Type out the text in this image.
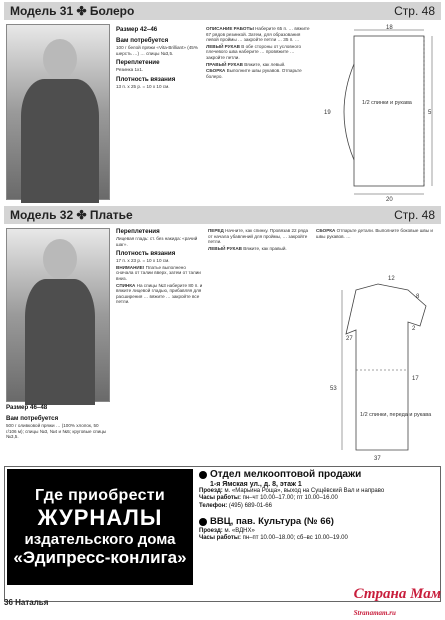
Модель 31 ✤ Болеро	Стр. 48
Размер 42–46
Вам потребуется

100 г белой пряжи «Vita-Brilliant» (45% шерсть …) … спицы №3,5.

Переплетение

Резинка 1x1.

Плотность вязания

13 п. x 25 р. = 10 x 10 см.

ОПИСАНИЕ РАБОТЫ Наберите 65 п. … вяжите 67 рядов резинкой. Затем, для образования левой проймы … закройте петли … 35 п. …

ЛЕВЫЙ РУКАВ В обе стороны от условного плечевого шва наберите … провяжите … закройте петли.

ПРАВЫЙ РУКАВ Вяжите, как левый.

СБОРКА Выполните швы рукавов. Отпарьте болеро.

18
1/2 спинки и рукава
20
19	5
Модель 32 ✤ Платье	Стр. 48
Размер 46–48
Вам потребуется

500 г оливковой пряжи … (100% хлопок, 50 г/106 м); спицы №3, №4 и №5; круговые спицы №3,5.

Переплетения

Лицевая гладь: ст. без накида: «рачий шаг».

Плотность вязания

17 п. x 23 р. = 10 x 10 см.

ВНИМАНИЕ! Платье выполнено сначала от талии вверх, затем от талии вниз.

СПИНКА На спицы №3 наберите 80 п. и вяжите лицевой гладью, прибавляя для расширения … вяжите … закройте все петли.

ПЕРЕД Начните, как спинку. Провязав 22 ряда от начала убавлений для проймы, … закройте петли.

ЛЕВЫЙ РУКАВ Вяжите, как правый.

СБОРКА Отпарьте детали. Выполните боковые швы и швы рукавов. …

1/2 спинки, переда и рукава
12
8
53
27
2
17
37
Где приобрести
ЖУРНАЛЫ
издательского дома
«Эдипресс-конлига»
Отдел мелкооптовой продажи
1-я Ямская ул., д. 8, этаж 1
Проезд: м. «Марьина Роща», выход на Сущёвский Вал и направо
Часы работы: пн–чт 10.00–17.00; пт 10.00–16.00
Телефон: (495) 689-01-66
ВВЦ, пав. Культура (№ 66)
Проезд: м. «ВДНХ»
Часы работы: пн–пт 10.00–18.00; сб–вс 10.00–19.00
36 Наталья
Страна Мам
Stranamam.ru
